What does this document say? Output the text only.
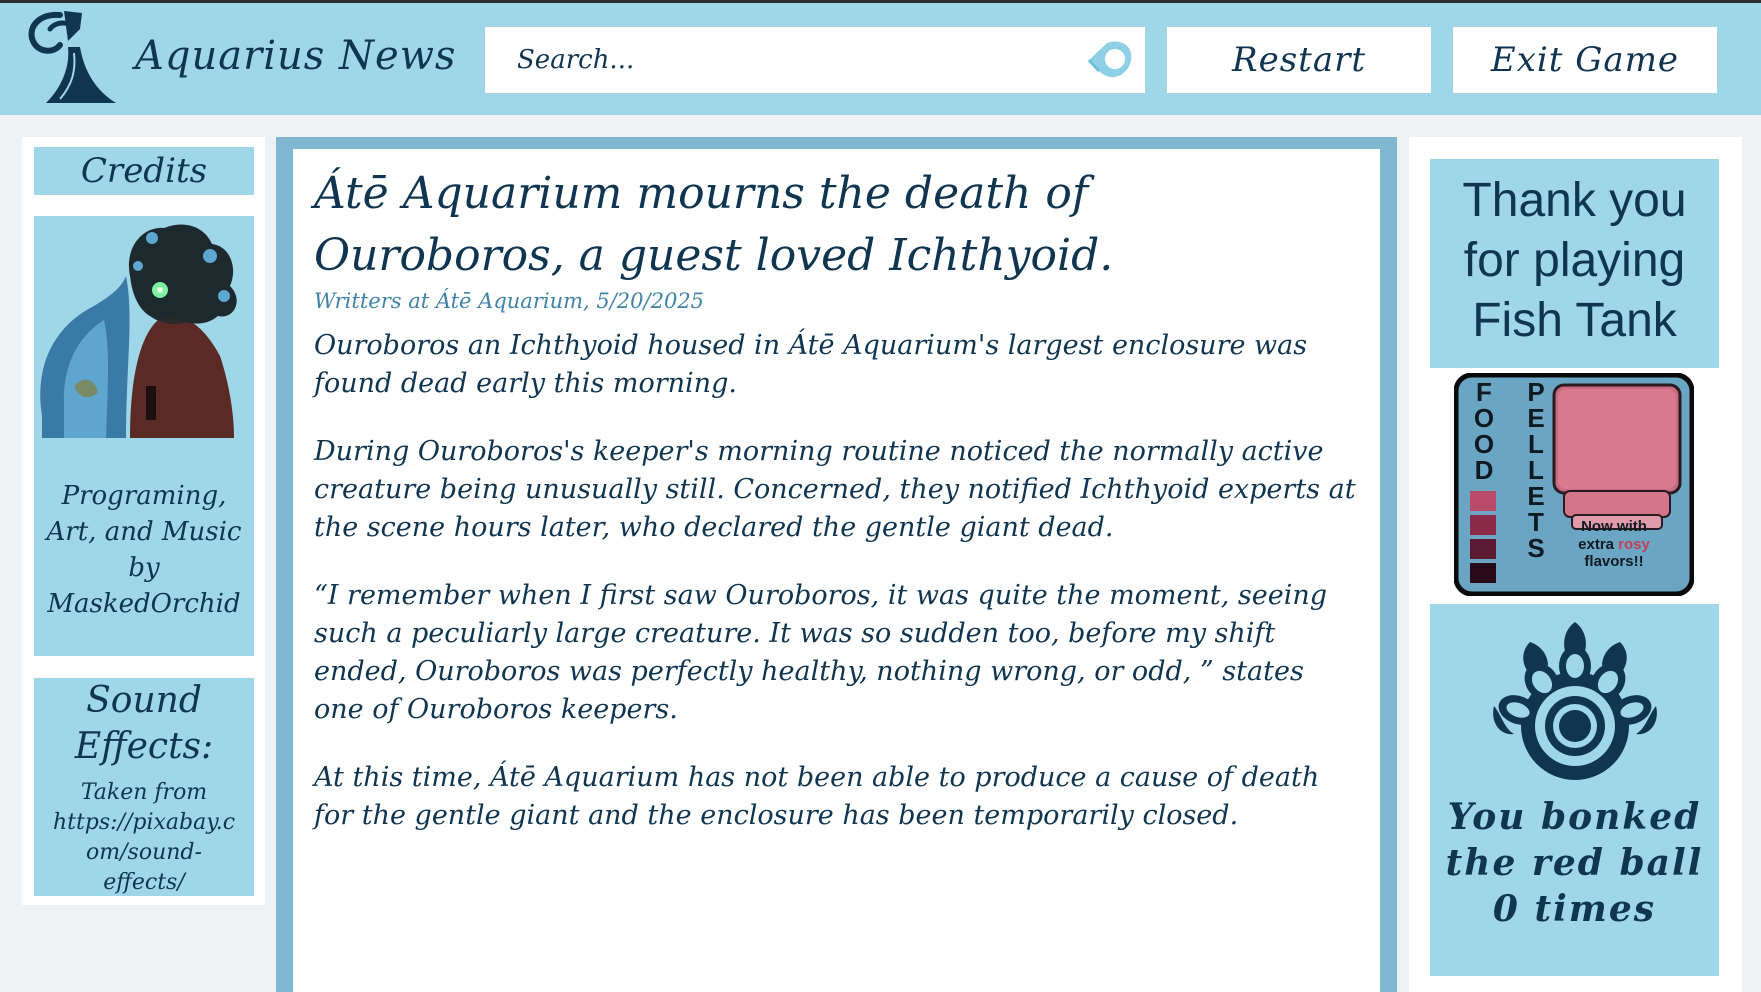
Aquarius News
Search...	Restart	Exit Game
Credits
Programing,
Art, and Music
by
MaskedOrchid
Sound
Effects:
Taken from
https://pixabay.c
om/sound-
effects/
Átē Aquarium mourns the death of
Ouroboros, a guest loved Ichthyoid.
Writters at Átē Aquarium, 5/20/2025

Ouroboros an Ichthyoid housed in Átē Aquarium's largest enclosure was found dead early this morning.

During Ouroboros's keeper's morning routine noticed the normally active creature being unusually still. Concerned, they notified Ichthyoid experts at the scene hours later, who declared the gentle giant dead.

“I remember when I first saw Ouroboros, it was quite the moment, seeing such a peculiarly large creature. It was so sudden too, before my shift ended, Ouroboros was perfectly healthy, nothing wrong, or odd, ” states one of Ouroboros keepers.

At this time, Átē Aquarium has not been able to produce a cause of death for the gentle giant and the enclosure has been temporarily closed.

Thank you
for playing
Fish Tank
F
O
O
D
P
E
L
L
E
T
S
Now with
extra rosy
flavors!!
You bonked
the red ball
0 times
